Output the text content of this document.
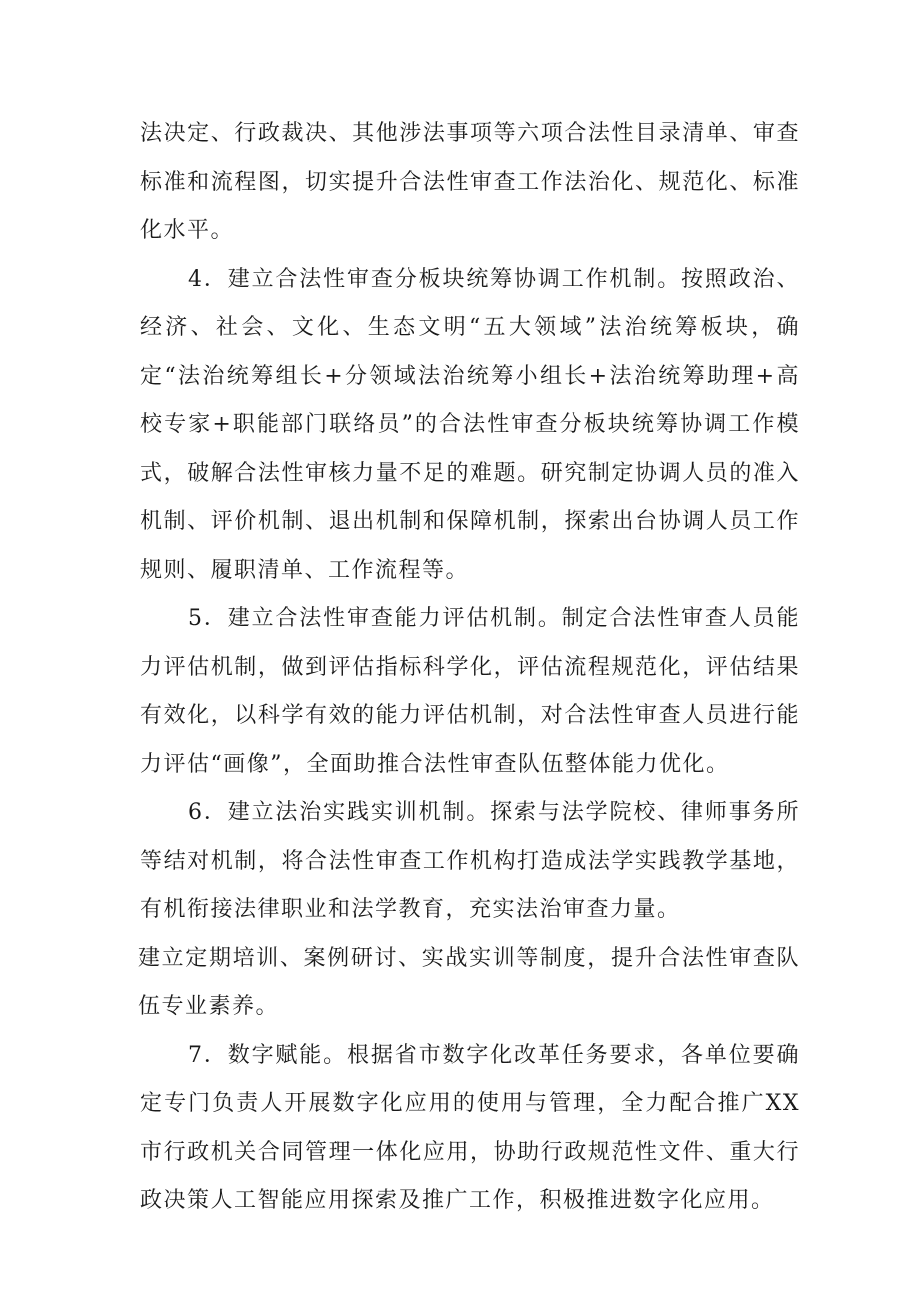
法决定、行政裁决、其他涉法事项等六项合法性目录清单、审查标准和流程图，切实提升合法性审查工作法治化、规范化、标准化水平。

4．建立合法性审查分板块统筹协调工作机制。按照政治、经济、社会、文化、生态文明“五大领域”法治统筹板块，确定“法治统筹组长+分领域法治统筹小组长+法治统筹助理+高校专家+职能部门联络员”的合法性审查分板块统筹协调工作模式，破解合法性审核力量不足的难题。研究制定协调人员的准入机制、评价机制、退出机制和保障机制，探索出台协调人员工作规则、履职清单、工作流程等。

5．建立合法性审查能力评估机制。制定合法性审查人员能力评估机制，做到评估指标科学化，评估流程规范化，评估结果有效化，以科学有效的能力评估机制，对合法性审查人员进行能力评估“画像”，全面助推合法性审查队伍整体能力优化。

6．建立法治实践实训机制。探索与法学院校、律师事务所等结对机制，将合法性审查工作机构打造成法学实践教学基地，有机衔接法律职业和法学教育，充实法治审查力量。

建立定期培训、案例研讨、实战实训等制度，提升合法性审查队伍专业素养。

7．数字赋能。根据省市数字化改革任务要求，各单位要确定专门负责人开展数字化应用的使用与管理，全力配合推广XX市行政机关合同管理一体化应用，协助行政规范性文件、重大行政决策人工智能应用探索及推广工作，积极推进数字化应用。
